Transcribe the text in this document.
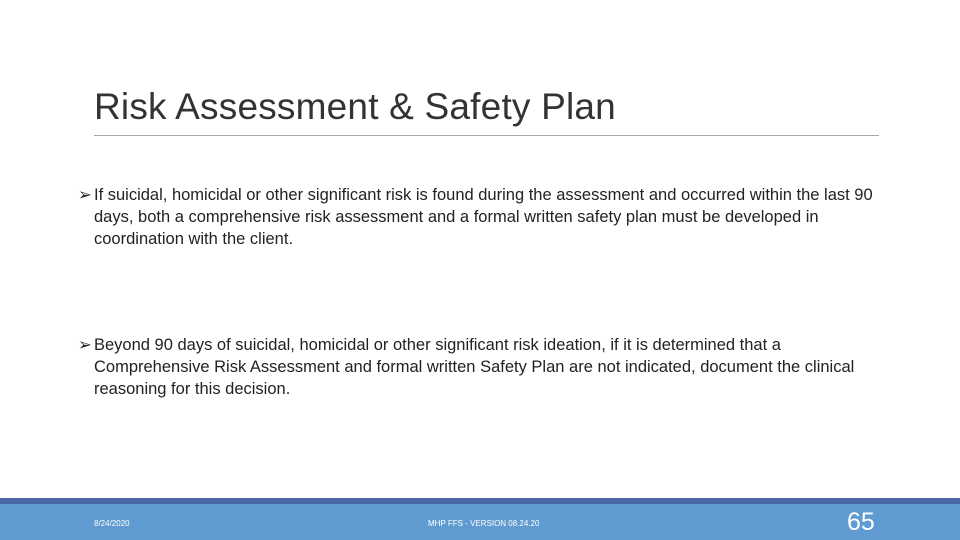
Risk Assessment & Safety Plan
➢ If suicidal, homicidal or other significant risk is found during the assessment and occurred within the last 90 days, both a comprehensive risk assessment and a formal written safety plan must be developed in coordination with the client.
➢ Beyond 90 days of suicidal, homicidal or other significant risk ideation, if it is determined that a Comprehensive Risk Assessment and formal written Safety Plan are not indicated, document the clinical reasoning for this decision.
8/24/2020	MHP FFS - VERSION 08.24.20	65
